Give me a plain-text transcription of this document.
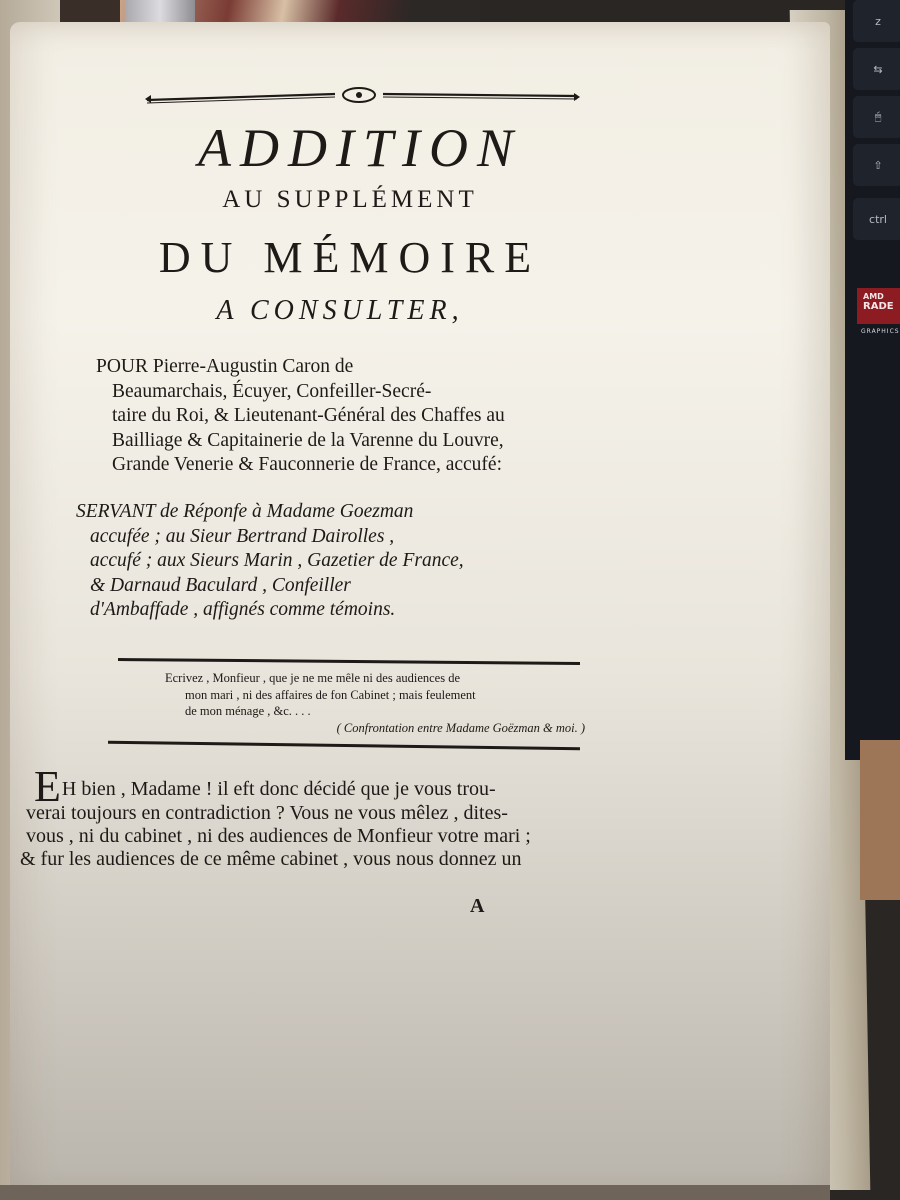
z
⇆
🖱
⇧
ctrl
AMD
RADE
GRAPHICS
ADDITION
AU SUPPLÉMENT
DU MÉMOIRE
A CONSULTER,
POUR Pierre-Augustin Caron de
Beaumarchais, Écuyer, Confeiller-Secré-
taire du Roi, & Lieutenant-Général des Chaffes au
Bailliage & Capitainerie de la Varenne du Louvre,
Grande Venerie & Fauconnerie de France, accufé:
SERVANT de Réponfe à Madame Goezman
accufée ; au Sieur Bertrand Dairolles ,
accufé ; aux Sieurs Marin , Gazetier de France,
& Darnaud Baculard , Confeiller
d'Ambaffade , affignés comme témoins.
Ecrivez , Monfieur , que je ne me mêle ni des audiences de
mon mari , ni des affaires de fon Cabinet ; mais feulement
de mon ménage , &c. . . .
( Confrontation entre Madame Goëzman & moi. )
E H bien , Madame ! il eft donc décidé que je vous trou-
verai toujours en contradiction ? Vous ne vous mêlez , dites-
vous , ni du cabinet , ni des audiences de Monfieur votre mari ;
& fur les audiences de ce même cabinet , vous nous donnez un
A
